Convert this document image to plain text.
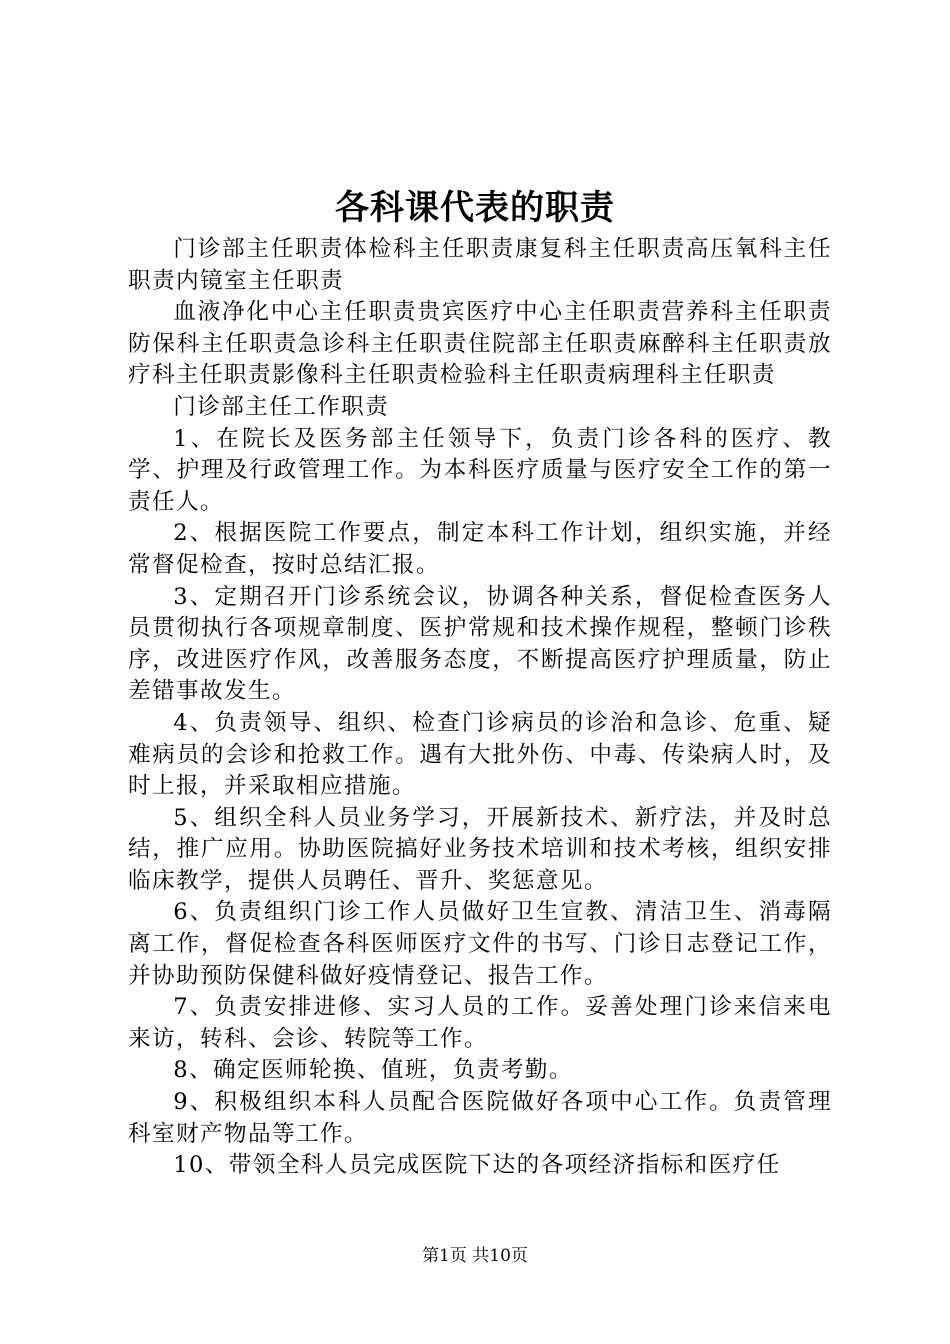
各科课代表的职责

门诊部主任职责体检科主任职责康复科主任职责高压氧科主任职责内镜室主任职责

血液净化中心主任职责贵宾医疗中心主任职责营养科主任职责防保科主任职责急诊科主任职责住院部主任职责麻醉科主任职责放疗科主任职责影像科主任职责检验科主任职责病理科主任职责

门诊部主任工作职责

1、在院长及医务部主任领导下，负责门诊各科的医疗、教学、护理及行政管理工作。为本科医疗质量与医疗安全工作的第一责任人。

2、根据医院工作要点，制定本科工作计划，组织实施，并经常督促检查，按时总结汇报。

3、定期召开门诊系统会议，协调各种关系，督促检查医务人员贯彻执行各项规章制度、医护常规和技术操作规程，整顿门诊秩序，改进医疗作风，改善服务态度，不断提高医疗护理质量，防止差错事故发生。

4、负责领导、组织、检查门诊病员的诊治和急诊、危重、疑难病员的会诊和抢救工作。遇有大批外伤、中毒、传染病人时，及时上报，并采取相应措施。

5、组织全科人员业务学习，开展新技术、新疗法，并及时总结，推广应用。协助医院搞好业务技术培训和技术考核，组织安排临床教学，提供人员聘任、晋升、奖惩意见。

6、负责组织门诊工作人员做好卫生宣教、清洁卫生、消毒隔离工作，督促检查各科医师医疗文件的书写、门诊日志登记工作，并协助预防保健科做好疫情登记、报告工作。

7、负责安排进修、实习人员的工作。妥善处理门诊来信来电来访，转科、会诊、转院等工作。

8、确定医师轮换、值班，负责考勤。

9、积极组织本科人员配合医院做好各项中心工作。负责管理科室财产物品等工作。

10、带领全科人员完成医院下达的各项经济指标和医疗任

第1页 共10页
